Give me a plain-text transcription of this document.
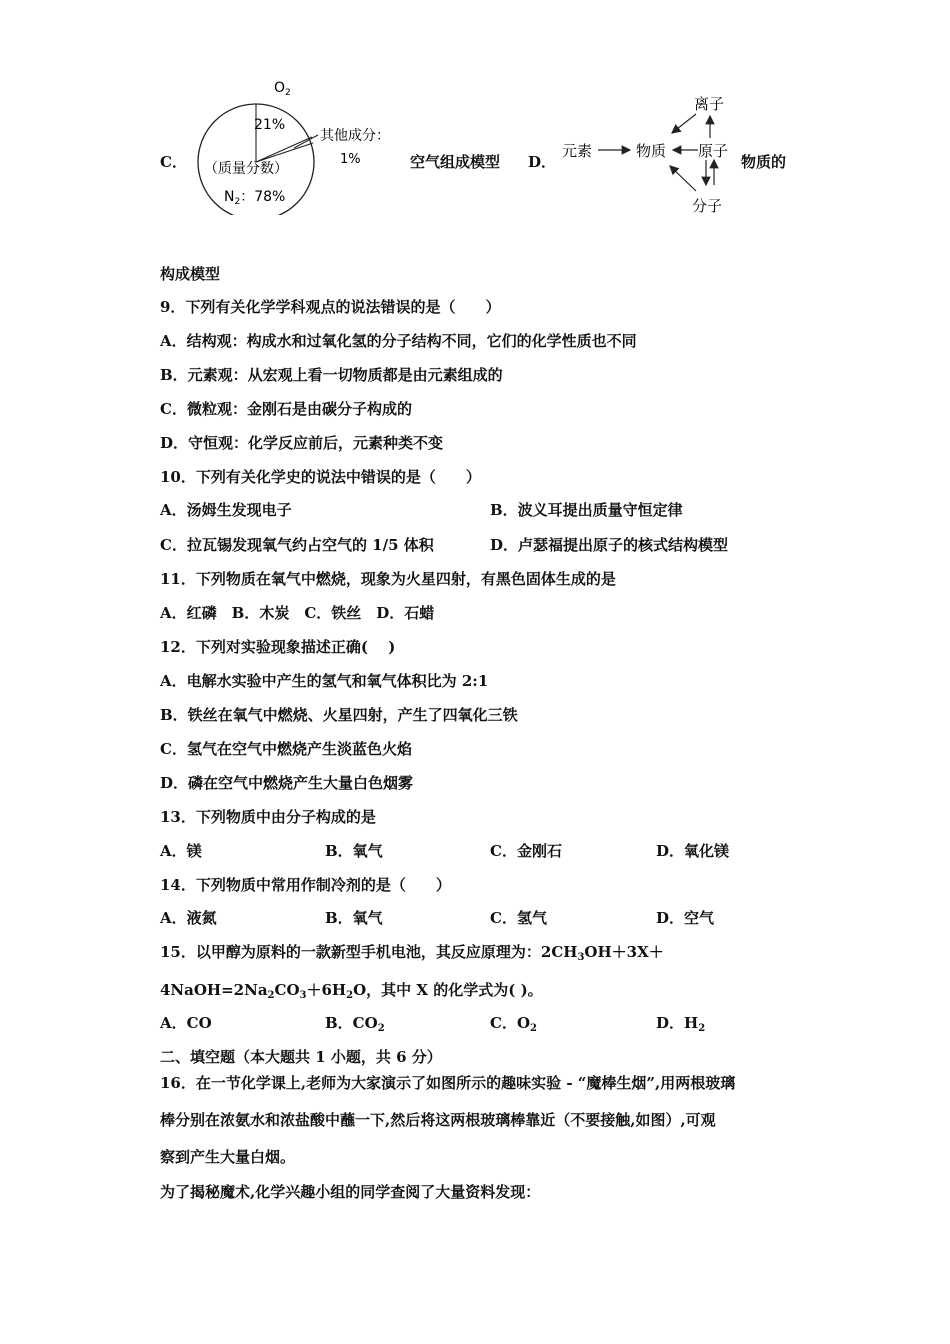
C．
$O_2$
21%
其他成分：
1%
（质量分数）
$N_2$：78%
空气组成模型 D．
元素	物质
离子
原子
分子
物质的
构成模型
9．下列有关化学学科观点的说法错误的是（　　）
A．结构观：构成水和过氧化氢的分子结构不同，它们的化学性质也不同
B．元素观：从宏观上看一切物质都是由元素组成的
C．微粒观：金刚石是由碳分子构成的
D．守恒观：化学反应前后，元素种类不变
10．下列有关化学史的说法中错误的是（　　）
A．汤姆生发现电子	B．波义耳提出质量守恒定律
C．拉瓦锡发现氧气约占空气的 1/5 体积	D．卢瑟福提出原子的核式结构模型
11．下列物质在氧气中燃烧，现象为火星四射，有黑色固体生成的是
A．红磷　B．木炭　C．铁丝　D．石蜡
12．下列对实验现象描述正确(　 )
A．电解水实验中产生的氢气和氧气体积比为 2:1
B．铁丝在氧气中燃烧、火星四射，产生了四氧化三铁
C．氢气在空气中燃烧产生淡蓝色火焰
D．磷在空气中燃烧产生大量白色烟雾
13．下列物质中由分子构成的是
A．镁	B．氧气	C．金刚石	D．氧化镁
14．下列物质中常用作制冷剂的是（　　）
A．液氮	B．氧气	C．氢气	D．空气
15．以甲醇为原料的一款新型手机电池，其反应原理为：$2CH_3OH+3X+$
$4NaOH=2Na_2CO_3+6H_2O$，其中 X 的化学式为( )。
A．CO	B．$CO_2$	C．$O_2$	D．$H_2$
二、填空题（本大题共 1 小题，共 6 分）
16．在一节化学课上,老师为大家演示了如图所示的趣味实验 - “魔棒生烟”,用两根玻璃
棒分别在浓氨水和浓盐酸中蘸一下,然后将这两根玻璃棒靠近（不要接触,如图）,可观
察到产生大量白烟。
为了揭秘魔术,化学兴趣小组的同学查阅了大量资料发现：
